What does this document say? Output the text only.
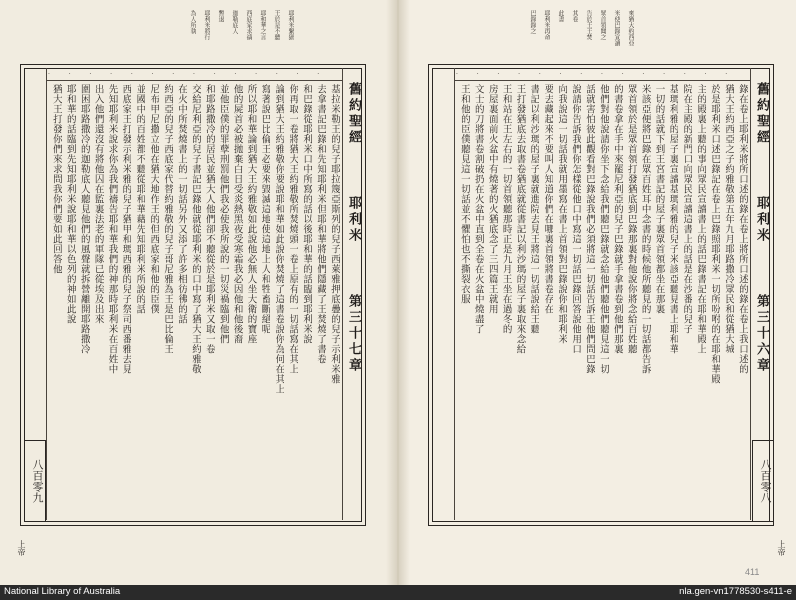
舊約聖經耶利米第三十七章
八百零九
上帝
基拉米勒王的兒子耶拉篾亞斯列的兒子西萊雅押底疊的兒子示利米雅
去拿書記巴錄和先知耶利米但耶和華將他們隱藏了王焚燒了書卷
和巴錄從耶利米口中所寫的話以後耶和華的話臨到耶利米說
你再取一卷將猶大王約雅敬所焚燒頭一卷上原有的一切話寫在其上
論到猶大王約雅敬你要說耶和華如此說你焚燒了這書卷說你為何在其上
寫著說巴比倫王必要來毀滅這地使這地上人和牲畜斷絕呢
所以耶和華論到猶大王約雅敬如此說他必無人坐大衛的寶座
他的屍首必被拋棄白日受炎熱黑夜受寒霜我必因他和他後裔
並他臣僕的罪孽刑罰他們我必使我所說的一切災禍臨到他們
和耶路撒冷的居民並猶大人他們卻不聽從於是耶利米又取一卷
交給尼利亞的兒子書記巴錄他就從耶利米的口中寫了猶大王約雅敬
在火中所焚燒書上的一切話另外又添了許多相彷彿的話
約西亞的兒子西底家代替約雅敬的兒子哥尼雅為王是巴比倫王
尼布甲尼撒立他在猶大地作王的但西底家和他的臣僕
並國中的百姓都不聽從耶和華藉先知耶利米所說的話
西底家王打發示利米雅的兒子猶甲和瑪西雅的兒子祭司西番雅去見
先知耶利米說求你為我們禱告耶和華我們的神那時耶利米在百姓中
出入他們還沒有將他囚在監裏法老的軍隊已從埃及出來
圍困耶路撒冷的迦勒底人聽見他們的風聲就拆營離開耶路撒冷
耶和華的話臨到先知耶利米說耶和華以色列的神如此說
猶大王打發你們來求問我你們要如此回答他
耶利米繫獄
王於是不聽
耶和華之言
西底家求禱
迦勒底人
暫退
耶利米將行
為人所執
舊約聖經耶利米第三十六章
八百零八
上帝
411
錄在卷上耶利米將所口述的錄在卷上將所口述的錄在卷上我口述的
猶大王約西亞之子約雅敬第五年九月耶路撒冷眾民和從猶大城
於是耶利米口述巴錄記在卷上巴錄照耶利米一切所吩咐的在耶和華殿
主的殿裏上聽的事向眾民宣讀書上的話巴錄書記在耶和華殿上
院在主殿的新門口向眾民宣讀這書上的話是在沙番的兒子
基瑪利雅的屋子裏宣讀基瑪利雅的兒子米該亞聽見書上耶和華
一切的話就下到王宮書記的屋子裏眾首領都坐在那裏
米該亞便將巴錄在眾百姓耳中念書的時候他所聽見的一切話都告訴
眾首領於是眾首領打發猶底到巴錄那裏對他說你將念給百姓聽
的書卷拿在手中來罷尼利亞的兒子巴錄就手拿書卷到他們那裏
他們對他說請你坐下念給我們聽巴錄就念給他們聽他們聽見這一切
話就害怕彼此觀看對巴錄說我們必須將這一切話告訴王他們問巴錄
說請你告訴我們你怎樣從他口中寫這一切話巴錄回答說他用口
向我說這一切話我就用墨寫在書上首領對巴錄說你和耶利米
要去藏起來不要叫人知道你們在哪裏首領將書卷存在
書記以利沙瑪的屋子裏就進院去見王將這一切話說給王聽
王打發猶底去取書卷猶底就從書記以利沙瑪的屋子裏取來念給
王和站在王左右的一切首領聽那時正是九月王坐在過冬的
房屋裏面前火盆中有燒著的火猶底念了三四篇王就用
文士的刀將書卷割破扔在火盆中直到全卷在火盆中燒盡了
王和他的臣僕聽見這一切話並不懼怕也不撕裂衣服
來猶大約西亞
米使巴錄宣讀
眾首領聞之
告於王王焚
其卷
此書
耶利米再命
巴錄錄之
National Library of Australia	nla.gen-vn1778530-s411-e
·	·	·	·	·	·	·	·	·	·	·	·	·	·
·	·	·	·	·	·	·	·	·	·	·	·	·	·
